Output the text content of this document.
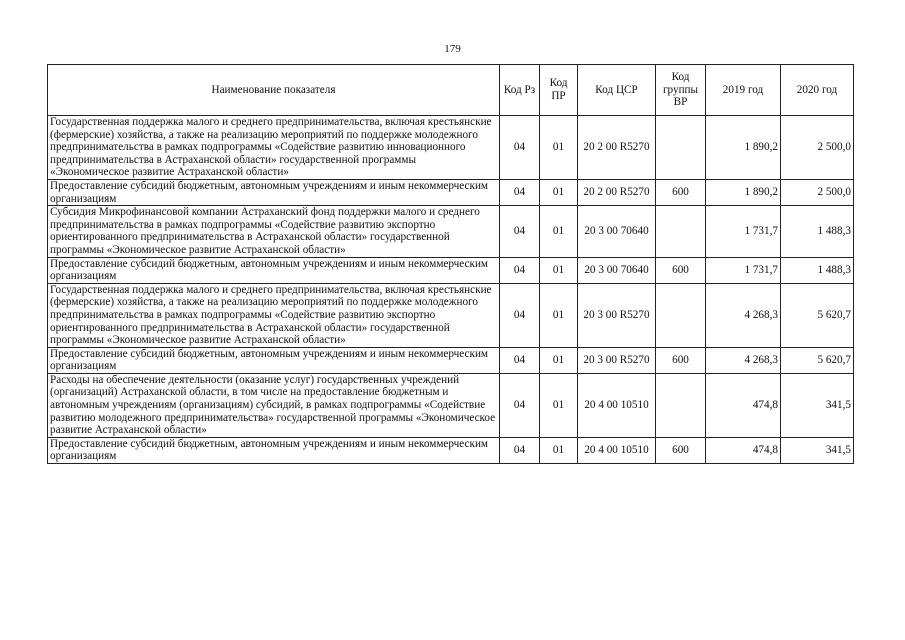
179
Наименование показателя	Код Рз	Код ПР	Код ЦСР	Код группы ВР	2019 год	2020 год
Государственная поддержка малого и среднего предпринимательства, включая крестьянские (фермерские) хозяйства, а также на реализацию мероприятий по поддержке молодежного предпринимательства в рамках подпрограммы «Содействие развитию инновационного предпринимательства в Астраханской области» государственной программы «Экономическое развитие Астраханской области»	04	01	20 2 00 R5270		1 890,2	2 500,0
Предоставление субсидий бюджетным, автономным учреждениям и иным некоммерческим организациям	04	01	20 2 00 R5270	600	1 890,2	2 500,0
Субсидия Микрофинансовой компании Астраханский фонд поддержки малого и среднего предпринимательства в рамках подпрограммы «Содействие развитию экспортно ориентированного предпринимательства в Астраханской области» государственной программы «Экономическое развитие Астраханской области»	04	01	20 3 00 70640		1 731,7	1 488,3
Предоставление субсидий бюджетным, автономным учреждениям и иным некоммерческим организациям	04	01	20 3 00 70640	600	1 731,7	1 488,3
Государственная поддержка малого и среднего предпринимательства, включая крестьянские (фермерские) хозяйства, а также на реализацию мероприятий по поддержке молодежного предпринимательства в рамках подпрограммы «Содействие развитию экспортно ориентированного предпринимательства в Астраханской области» государственной программы «Экономическое развитие Астраханской области»	04	01	20 3 00 R5270		4 268,3	5 620,7
Предоставление субсидий бюджетным, автономным учреждениям и иным некоммерческим организациям	04	01	20 3 00 R5270	600	4 268,3	5 620,7
Расходы на обеспечение деятельности (оказание услуг) государственных учреждений (организаций) Астраханской области, в том числе на предоставление бюджетным и автономным учреждениям (организациям) субсидий, в рамках подпрограммы «Содействие развитию молодежного предпринимательства» государственной программы «Экономическое развитие Астраханской области»	04	01	20 4 00 10510		474,8	341,5
Предоставление субсидий бюджетным, автономным учреждениям и иным некоммерческим организациям	04	01	20 4 00 10510	600	474,8	341,5
